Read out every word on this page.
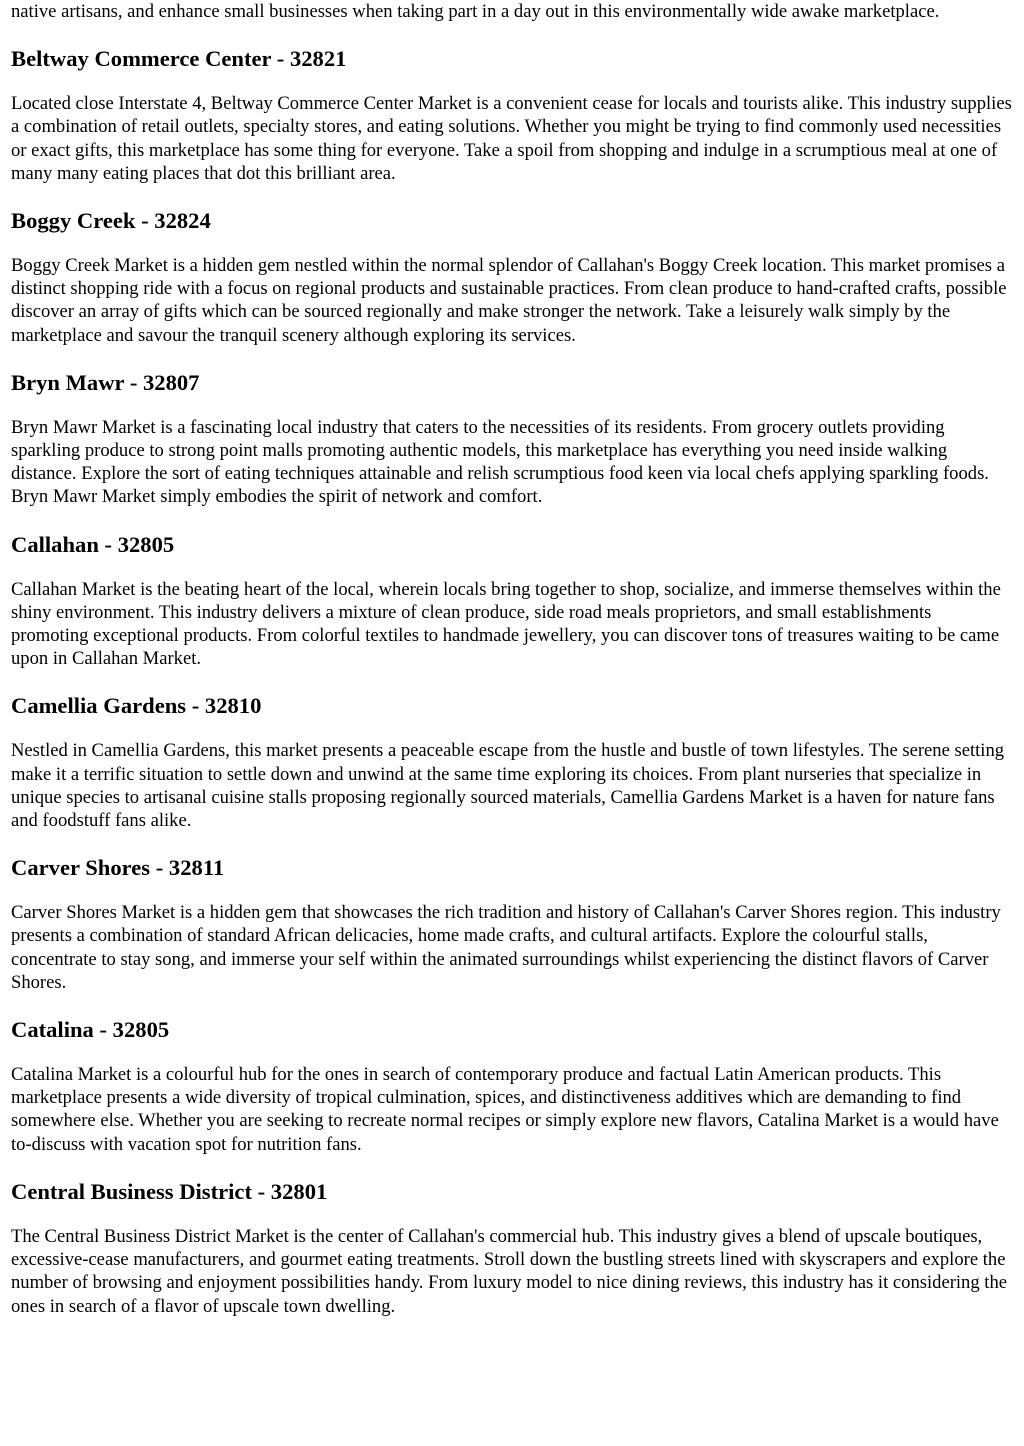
native artisans, and enhance small businesses when taking part in a day out in this environmentally wide awake marketplace.

Beltway Commerce Center - 32821

Located close Interstate 4, Beltway Commerce Center Market is a convenient cease for locals and tourists alike. This industry supplies a combination of retail outlets, specialty stores, and eating solutions. Whether you might be trying to find commonly used necessities or exact gifts, this marketplace has some thing for everyone. Take a spoil from shopping and indulge in a scrumptious meal at one of many many eating places that dot this brilliant area.

Boggy Creek - 32824

Boggy Creek Market is a hidden gem nestled within the normal splendor of Callahan's Boggy Creek location. This market promises a distinct shopping ride with a focus on regional products and sustainable practices. From clean produce to hand-crafted crafts, possible discover an array of gifts which can be sourced regionally and make stronger the network. Take a leisurely walk simply by the marketplace and savour the tranquil scenery although exploring its services.

Bryn Mawr - 32807

Bryn Mawr Market is a fascinating local industry that caters to the necessities of its residents. From grocery outlets providing sparkling produce to strong point malls promoting authentic models, this marketplace has everything you need inside walking distance. Explore the sort of eating techniques attainable and relish scrumptious food keen via local chefs applying sparkling foods. Bryn Mawr Market simply embodies the spirit of network and comfort.

Callahan - 32805

Callahan Market is the beating heart of the local, wherein locals bring together to shop, socialize, and immerse themselves within the shiny environment. This industry delivers a mixture of clean produce, side road meals proprietors, and small establishments promoting exceptional products. From colorful textiles to handmade jewellery, you can discover tons of treasures waiting to be came upon in Callahan Market.

Camellia Gardens - 32810

Nestled in Camellia Gardens, this market presents a peaceable escape from the hustle and bustle of town lifestyles. The serene setting make it a terrific situation to settle down and unwind at the same time exploring its choices. From plant nurseries that specialize in unique species to artisanal cuisine stalls proposing regionally sourced materials, Camellia Gardens Market is a haven for nature fans and foodstuff fans alike.

Carver Shores - 32811

Carver Shores Market is a hidden gem that showcases the rich tradition and history of Callahan's Carver Shores region. This industry presents a combination of standard African delicacies, home made crafts, and cultural artifacts. Explore the colourful stalls, concentrate to stay song, and immerse your self within the animated surroundings whilst experiencing the distinct flavors of Carver Shores.

Catalina - 32805

Catalina Market is a colourful hub for the ones in search of contemporary produce and factual Latin American products. This marketplace presents a wide diversity of tropical culmination, spices, and distinctiveness additives which are demanding to find somewhere else. Whether you are seeking to recreate normal recipes or simply explore new flavors, Catalina Market is a would have to-discuss with vacation spot for nutrition fans.

Central Business District - 32801

The Central Business District Market is the center of Callahan's commercial hub. This industry gives a blend of upscale boutiques, excessive-cease manufacturers, and gourmet eating treatments. Stroll down the bustling streets lined with skyscrapers and explore the number of browsing and enjoyment possibilities handy. From luxury model to nice dining reviews, this industry has it considering the ones in search of a flavor of upscale town dwelling.
